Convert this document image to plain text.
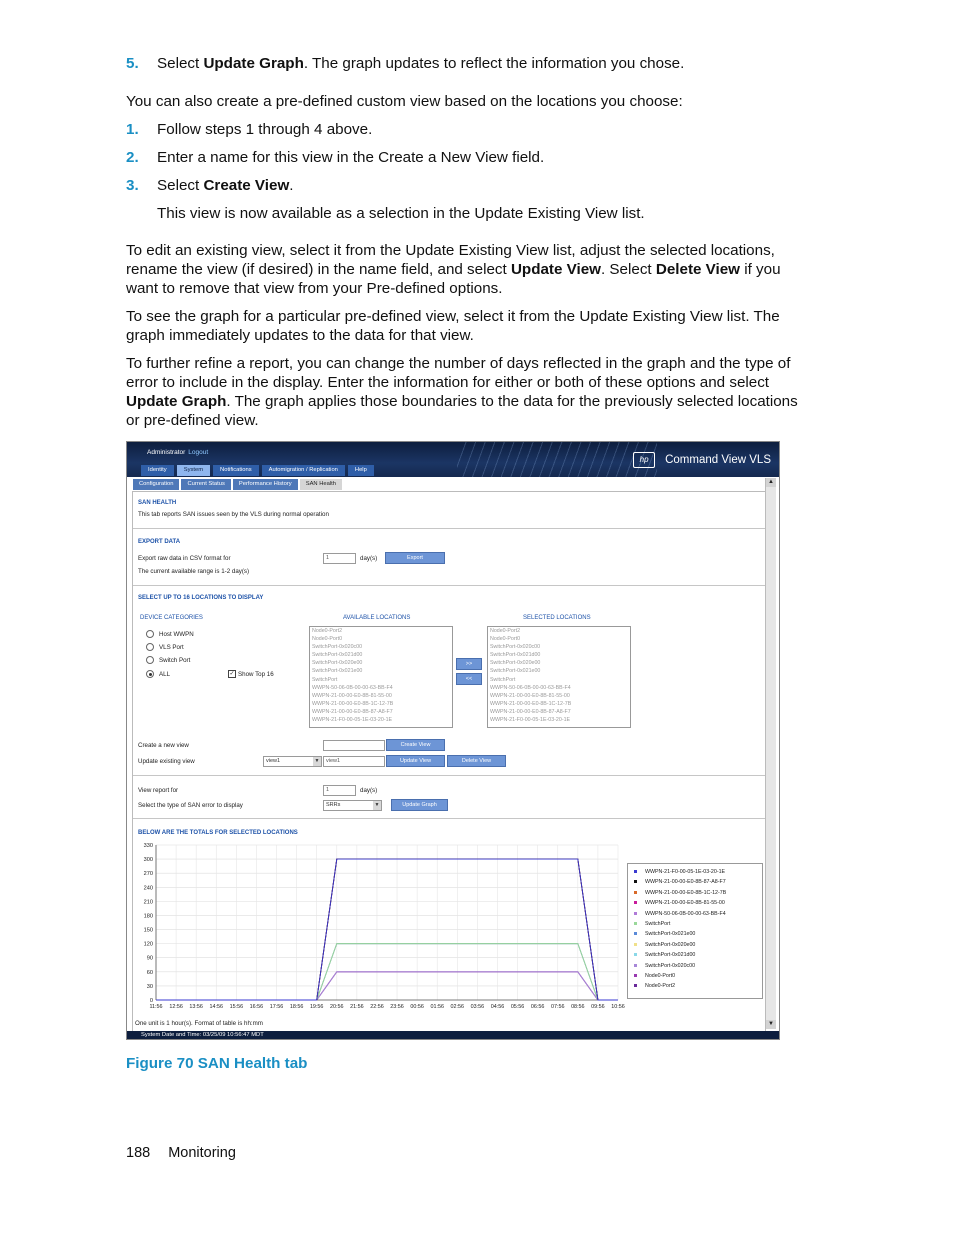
5. Select Update Graph. The graph updates to reflect the information you chose.
You can also create a pre-defined custom view based on the locations you choose:
1. Follow steps 1 through 4 above.
2. Enter a name for this view in the Create a New View field.
3. Select Create View.
This view is now available as a selection in the Update Existing View list.
To edit an existing view, select it from the Update Existing View list, adjust the selected locations, rename the view (if desired) in the name field, and select Update View. Select Delete View if you want to remove that view from your Pre-defined options.
To see the graph for a particular pre-defined view, select it from the Update Existing View list. The graph immediately updates to the data for that view.
To further refine a report, you can change the number of days reflected in the graph and the type of error to include in the display. Enter the information for either or both of these options and select Update Graph. The graph applies those boundaries to the data for the previously selected locations or pre-defined view.
Administrator Logout
Identity	System	Notifications	Automigration / Replication	Help
hp	Command View VLS
Configuration	Current Status	Performance History	SAN Health	▲
▼
SAN HEALTH
This tab reports SAN issues seen by the VLS during normal operation
EXPORT DATA
Export raw data in CSV format for	1	day(s)	Export
The current available range is 1-2 day(s)
SELECT UP TO 16 LOCATIONS TO DISPLAY
DEVICE CATEGORIES	AVAILABLE LOCATIONS	SELECTED LOCATIONS
Host WWPN
VLS Port
Switch Port
ALL	✓ Show Top 16
Node0-Port2
Node0-Port0
SwitchPort-0x020c00
SwitchPort-0x021d00
SwitchPort-0x020e00
SwitchPort-0x021e00
SwitchPort
WWPN-50-06-0B-00-00-63-BB-F4
WWPN-21-00-00-E0-8B-81-55-00
WWPN-21-00-00-E0-8B-1C-12-7B
WWPN-21-00-00-E0-8B-87-A8-F7
WWPN-21-F0-00-05-1E-03-20-1E
>>
<<
Node0-Port2
Node0-Port0
SwitchPort-0x020c00
SwitchPort-0x021d00
SwitchPort-0x020e00
SwitchPort-0x021e00
SwitchPort
WWPN-50-06-0B-00-00-63-BB-F4
WWPN-21-00-00-E0-8B-81-55-00
WWPN-21-00-00-E0-8B-1C-12-7B
WWPN-21-00-00-E0-8B-87-A8-F7
WWPN-21-F0-00-05-1E-03-20-1E
Create a new view	Create View
Update existing view	view1	▼	view1	Update View	Delete View
View report for	1	day(s)
Select the type of SAN error to display	SRRs	▼	Update Graph
BELOW ARE THE TOTALS FOR SELECTED LOCATIONS
0
30
60
90
120
150
180
210
240
270
300
330
11:56 12:56 13:56 14:56 15:56 16:56 17:56 18:56 19:56 20:56 21:56 22:56 23:56 00:56 01:56 02:56 03:56 04:56 05:56 06:56 07:56 08:56 09:56 10:56
WWPN-21-F0-00-05-1E-03-20-1E
WWPN-21-00-00-E0-8B-87-A8-F7
WWPN-21-00-00-E0-8B-1C-12-7B
WWPN-21-00-00-E0-8B-81-55-00
WWPN-50-06-0B-00-00-63-BB-F4
SwitchPort
SwitchPort-0x021e00
SwitchPort-0x020e00
SwitchPort-0x021d00
SwitchPort-0x020c00
Node0-Port0
Node0-Port2
One unit is 1 hour(s). Format of table is hh:mm
System Date and Time: 03/25/09 10:56:47 MDT
Figure 70 SAN Health tab
188 Monitoring
